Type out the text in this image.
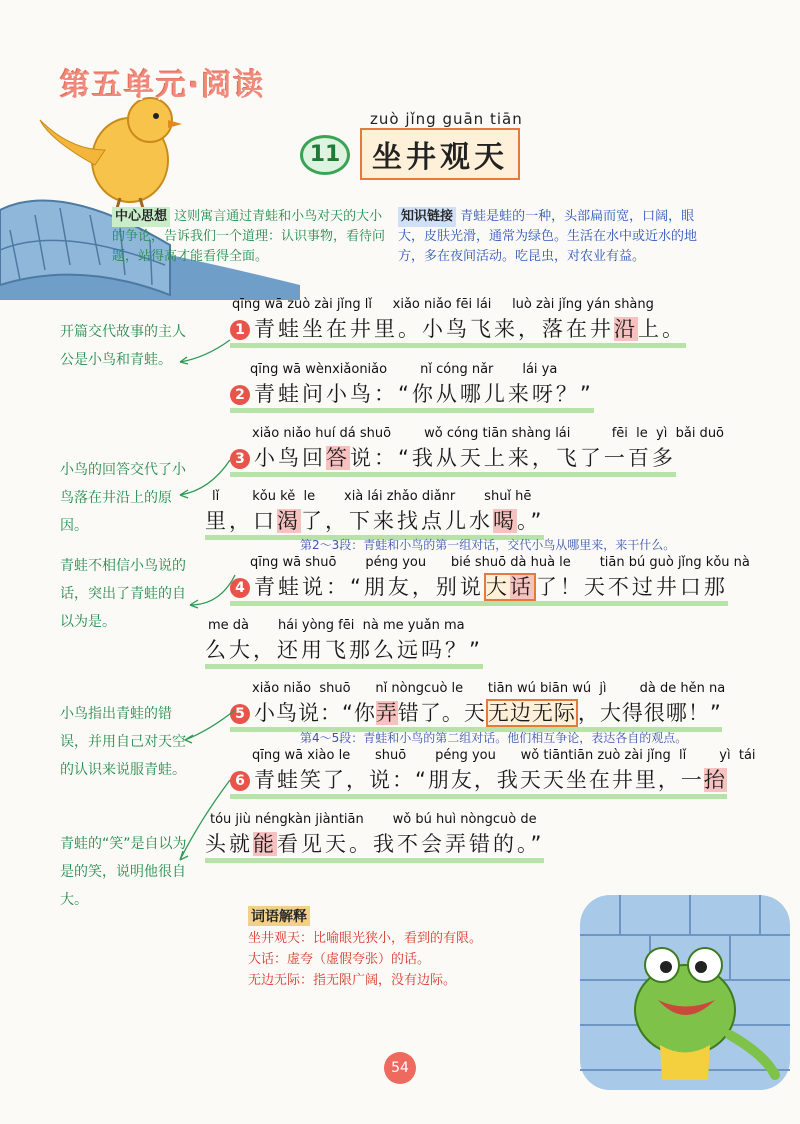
第五单元·阅读
zuò jǐng guān tiān
11	坐井观天
中心思想 这则寓言通过青蛙和小鸟对天的大小的争论，告诉我们一个道理：认识事物，看待问题，站得高才能看得全面。
知识链接 青蛙是蛙的一种，头部扁而宽，口阔，眼大，皮肤光滑，通常为绿色。生活在水中或近水的地方，多在夜间活动。吃昆虫，对农业有益。
qīng wā zuò zài jǐng lǐ     xiǎo niǎo fēi lái     luò zài jǐng yán shàng
1 青蛙坐在井里。小鸟飞来，落在井沿上。
qīng wā wènxiǎoniǎo        nǐ cóng nǎr       lái ya
2 青蛙问小鸟：“你从哪儿来呀？”
xiǎo niǎo huí dá shuō        wǒ cóng tiān shàng lái          fēi  le  yì  bǎi duō
3 小鸟回答说：“我从天上来，飞了一百多
lǐ        kǒu kě  le       xià lái zhǎo diǎnr       shuǐ hē
里，口渴了，下来找点儿水喝。”
第2～3段：青蛙和小鸟的第一组对话，交代小鸟从哪里来，来干什么。
qīng wā shuō       péng you      bié shuō dà huà le       tiān bú guò jǐng kǒu nà
4 青蛙说：“朋友，别说大话了！天不过井口那
me dà       hái yòng fēi  nà me yuǎn ma
么大，还用飞那么远吗？”
xiǎo niǎo  shuō      nǐ nòngcuò le      tiān wú biān wú  jì        dà de hěn na
5 小鸟说：“你弄错了。天无边无际，大得很哪！”
第4～5段：青蛙和小鸟的第二组对话。他们相互争论，表达各自的观点。
qīng wā xiào le      shuō       péng you      wǒ tiāntiān zuò zài jǐng  lǐ        yì  tái
6 青蛙笑了，说：“朋友，我天天坐在井里，一抬
tóu jiù néngkàn jiàntiān       wǒ bú huì nòngcuò de
头就能看见天。我不会弄错的。”
开篇交代故事的主人公是小鸟和青蛙。
小鸟的回答交代了小鸟落在井沿上的原因。
青蛙不相信小鸟说的话，突出了青蛙的自以为是。
小鸟指出青蛙的错误，并用自己对天空的认识来说服青蛙。
青蛙的“笑”是自以为是的笑，说明他很自大。
词语解释
坐井观天：比喻眼光狭小，看到的有限。
大话：虚夸（虚假夸张）的话。
无边无际：指无限广阔，没有边际。
54
